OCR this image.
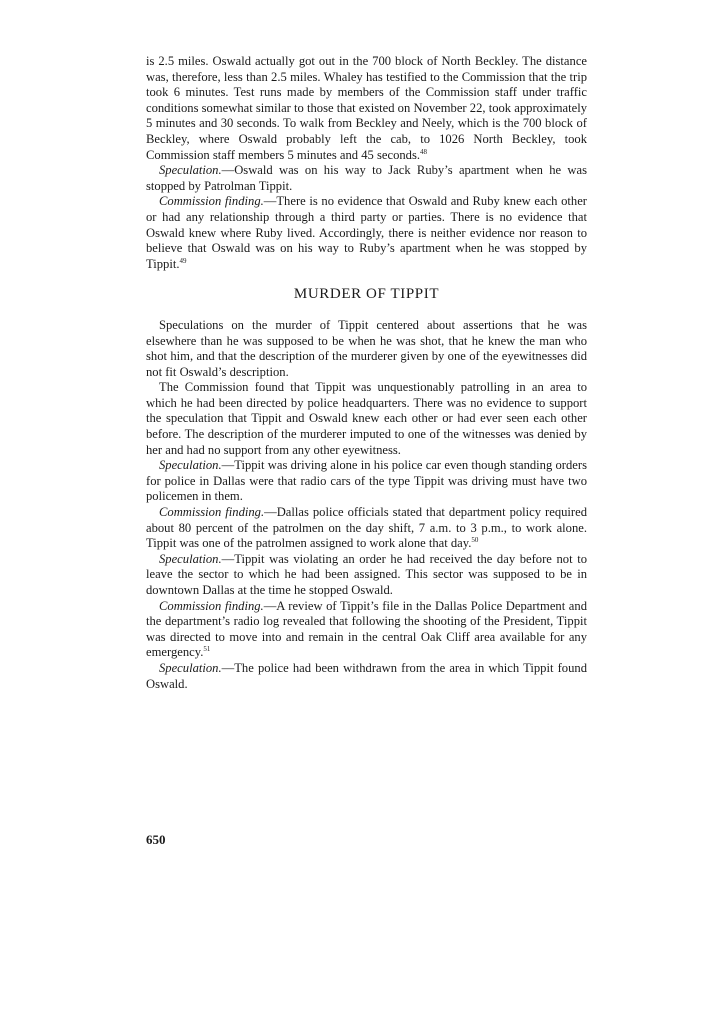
is 2.5 miles. Oswald actually got out in the 700 block of North Beckley. The distance was, therefore, less than 2.5 miles. Whaley has testified to the Commission that the trip took 6 minutes. Test runs made by members of the Commission staff under traffic conditions somewhat similar to those that existed on November 22, took approximately 5 minutes and 30 seconds. To walk from Beckley and Neely, which is the 700 block of Beckley, where Oswald probably left the cab, to 1026 North Beckley, took Commission staff members 5 minutes and 45 seconds.$^{48}$

Speculation.—Oswald was on his way to Jack Ruby’s apartment when he was stopped by Patrolman Tippit.

Commission finding.—There is no evidence that Oswald and Ruby knew each other or had any relationship through a third party or parties. There is no evidence that Oswald knew where Ruby lived. Accordingly, there is neither evidence nor reason to believe that Oswald was on his way to Ruby’s apartment when he was stopped by Tippit.$^{49}$

MURDER OF TIPPIT

Speculations on the murder of Tippit centered about assertions that he was elsewhere than he was supposed to be when he was shot, that he knew the man who shot him, and that the description of the murderer given by one of the eyewitnesses did not fit Oswald’s description.

The Commission found that Tippit was unquestionably patrolling in an area to which he had been directed by police headquarters. There was no evidence to support the speculation that Tippit and Oswald knew each other or had ever seen each other before. The description of the murderer imputed to one of the witnesses was denied by her and had no support from any other eyewitness.

Speculation.—Tippit was driving alone in his police car even though standing orders for police in Dallas were that radio cars of the type Tippit was driving must have two policemen in them.

Commission finding.—Dallas police officials stated that department policy required about 80 percent of the patrolmen on the day shift, 7 a.m. to 3 p.m., to work alone. Tippit was one of the patrolmen assigned to work alone that day.$^{50}$

Speculation.—Tippit was violating an order he had received the day before not to leave the sector to which he had been assigned. This sector was supposed to be in downtown Dallas at the time he stopped Oswald.

Commission finding.—A review of Tippit’s file in the Dallas Police Department and the department’s radio log revealed that following the shooting of the President, Tippit was directed to move into and remain in the central Oak Cliff area available for any emergency.$^{51}$

Speculation.—The police had been withdrawn from the area in which Tippit found Oswald.

650
